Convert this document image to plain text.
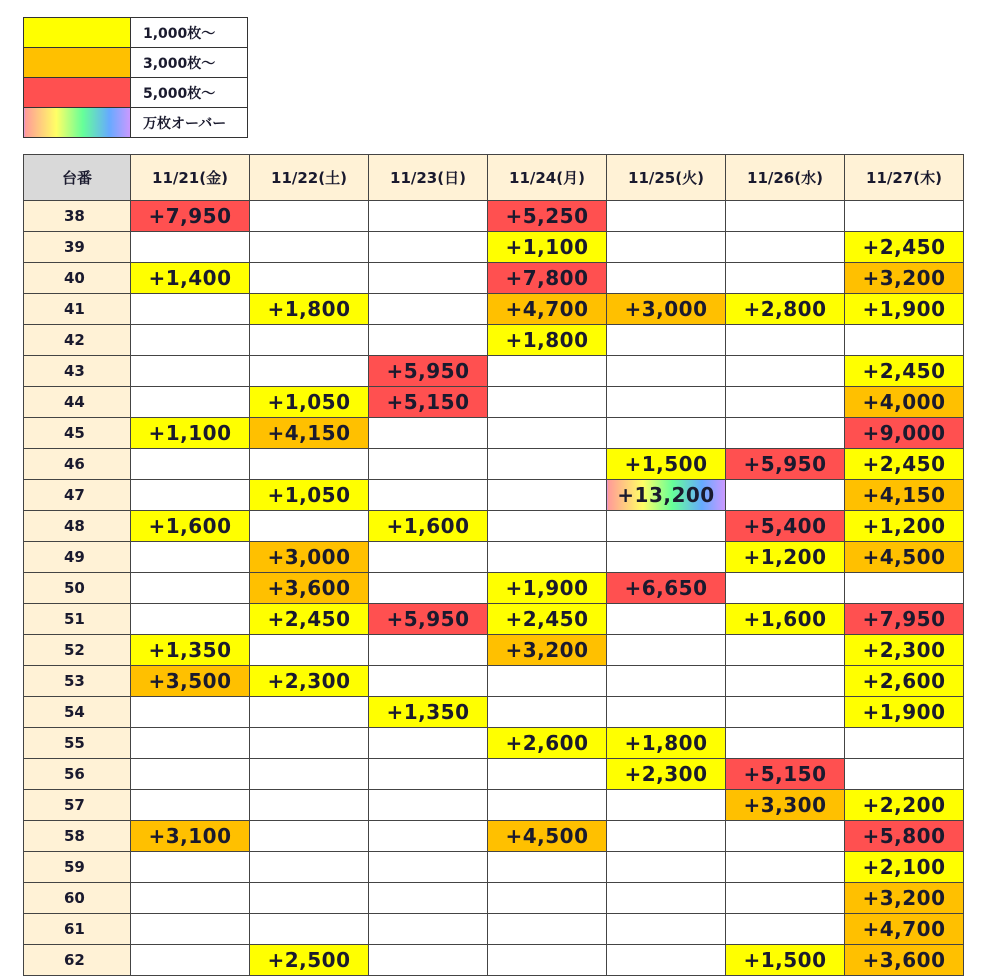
	1,000枚～
	3,000枚～
	5,000枚～
	万枚オーバー
台番	11/21(金)	11/22(土)	11/23(日)	11/24(月)	11/25(火)	11/26(水)	11/27(木)
38	+7,950			+5,250			
39				+1,100			+2,450
40	+1,400			+7,800			+3,200
41		+1,800		+4,700	+3,000	+2,800	+1,900
42				+1,800			
43			+5,950				+2,450
44		+1,050	+5,150				+4,000
45	+1,100	+4,150					+9,000
46					+1,500	+5,950	+2,450
47		+1,050			+13,200		+4,150
48	+1,600		+1,600			+5,400	+1,200
49		+3,000				+1,200	+4,500
50		+3,600		+1,900	+6,650		
51		+2,450	+5,950	+2,450		+1,600	+7,950
52	+1,350			+3,200			+2,300
53	+3,500	+2,300					+2,600
54			+1,350				+1,900
55				+2,600	+1,800		
56					+2,300	+5,150	
57						+3,300	+2,200
58	+3,100			+4,500			+5,800
59							+2,100
60							+3,200
61							+4,700
62		+2,500				+1,500	+3,600
